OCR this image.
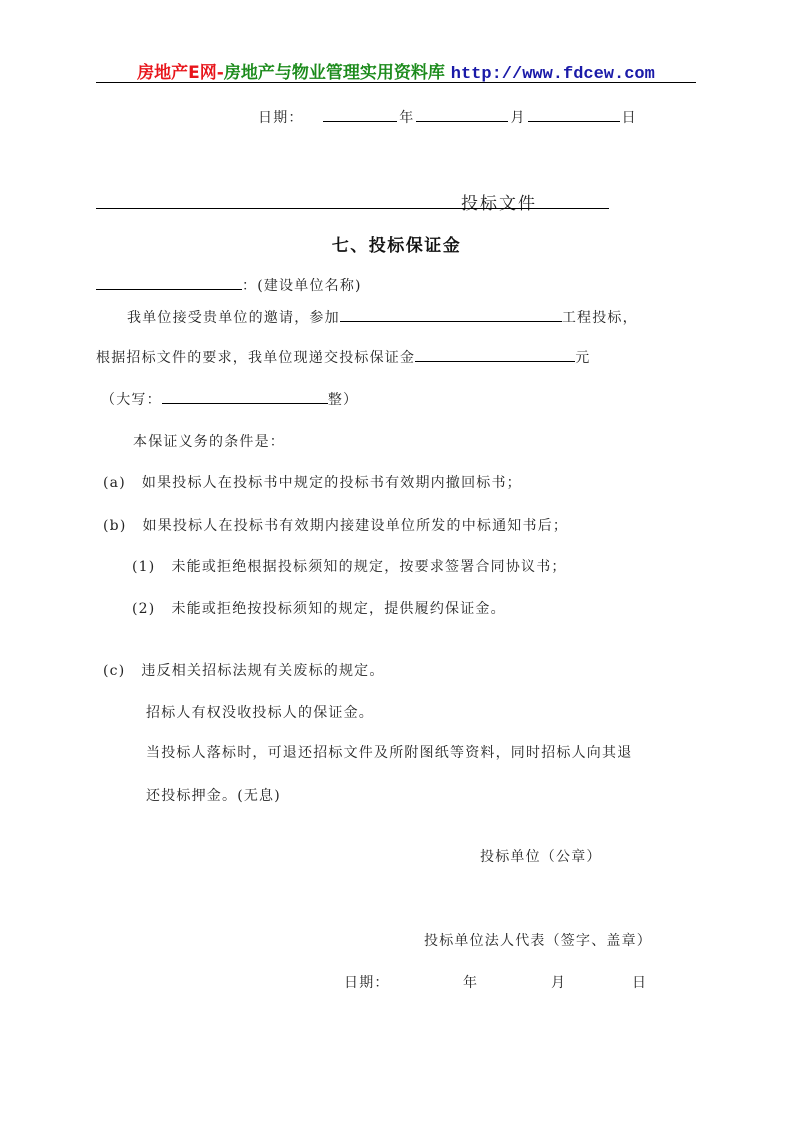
房地产E网-房地产与物业管理实用资料库 http://www.fdcew.com
日期：	年	月	日
投标文件
七、投标保证金
：(建设单位名称)
我单位接受贵单位的邀请，参加	工程投标，
根据招标文件的要求，我单位现递交投标保证金	元
（大写：	整）
本保证义务的条件是：
(a) 如果投标人在投标书中规定的投标书有效期内撤回标书；
(b) 如果投标人在投标书有效期内接建设单位所发的中标通知书后；
(1) 未能或拒绝根据投标须知的规定，按要求签署合同协议书；
(2) 未能或拒绝按投标须知的规定，提供履约保证金。
(c) 违反相关招标法规有关废标的规定。
招标人有权没收投标人的保证金。
当投标人落标时，可退还招标文件及所附图纸等资料，同时招标人向其退
还投标押金。(无息)
投标单位（公章）
投标单位法人代表（签字、盖章）
日期：	年	月	日
